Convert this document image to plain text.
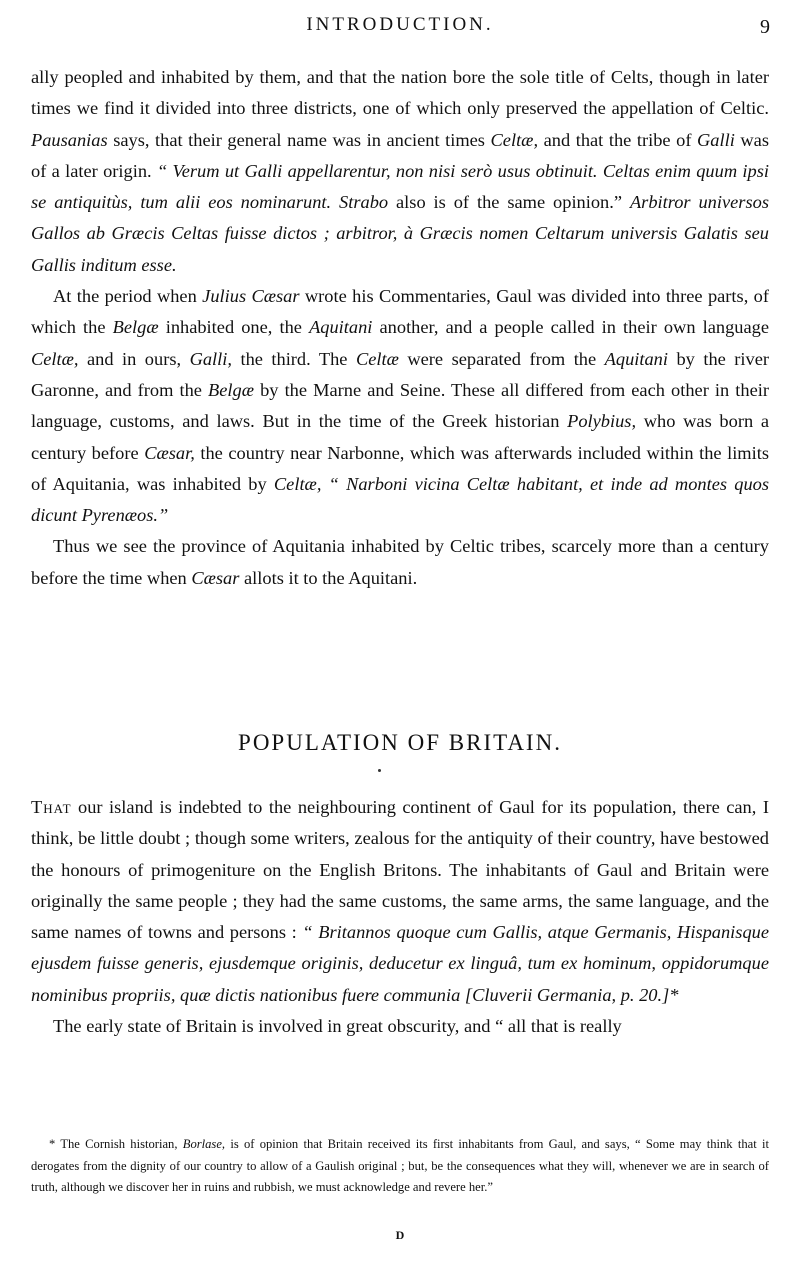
INTRODUCTION.	9

ally peopled and inhabited by them, and that the nation bore the sole title of Celts, though in later times we find it divided into three districts, one of which only preserved the appellation of Celtic. Pausanias says, that their general name was in ancient times Celtæ, and that the tribe of Galli was of a later origin. “ Verum ut Galli appellarentur, non nisi serò usus obtinuit. Celtas enim quum ipsi se antiquitùs, tum alii eos nominarunt. Strabo also is of the same opinion.” Arbitror universos Gallos ab Græcis Celtas fuisse dictos ; arbitror, à Græcis nomen Celtarum universis Galatis seu Gallis inditum esse.

At the period when Julius Cæsar wrote his Commentaries, Gaul was divided into three parts, of which the Belgæ inhabited one, the Aquitani another, and a people called in their own language Celtæ, and in ours, Galli, the third. The Celtæ were separated from the Aquitani by the river Garonne, and from the Belgæ by the Marne and Seine. These all differed from each other in their language, customs, and laws. But in the time of the Greek historian Polybius, who was born a century before Cæsar, the country near Narbonne, which was afterwards included within the limits of Aquitania, was inhabited by Celtæ, “ Narboni vicina Celtæ habitant, et inde ad montes quos dicunt Pyrenæos.”

Thus we see the province of Aquitania inhabited by Celtic tribes, scarcely more than a century before the time when Cæsar allots it to the Aquitani.

POPULATION OF BRITAIN.

That our island is indebted to the neighbouring continent of Gaul for its population, there can, I think, be little doubt ; though some writers, zealous for the antiquity of their country, have bestowed the honours of primogeniture on the English Britons. The inhabitants of Gaul and Britain were originally the same people ; they had the same customs, the same arms, the same language, and the same names of towns and persons : “ Britannos quoque cum Gallis, atque Germanis, Hispanisque ejusdem fuisse generis, ejusdemque originis, deducetur ex linguâ, tum ex hominum, oppidorumque nominibus propriis, quæ dictis nationibus fuere communia [Cluverii Germania, p. 20.]*

The early state of Britain is involved in great obscurity, and “ all that is really

* The Cornish historian, Borlase, is of opinion that Britain received its first inhabitants from Gaul, and says, “ Some may think that it derogates from the dignity of our country to allow of a Gaulish original ; but, be the consequences what they will, whenever we are in search of truth, although we discover her in ruins and rubbish, we must acknowledge and revere her.”

D
